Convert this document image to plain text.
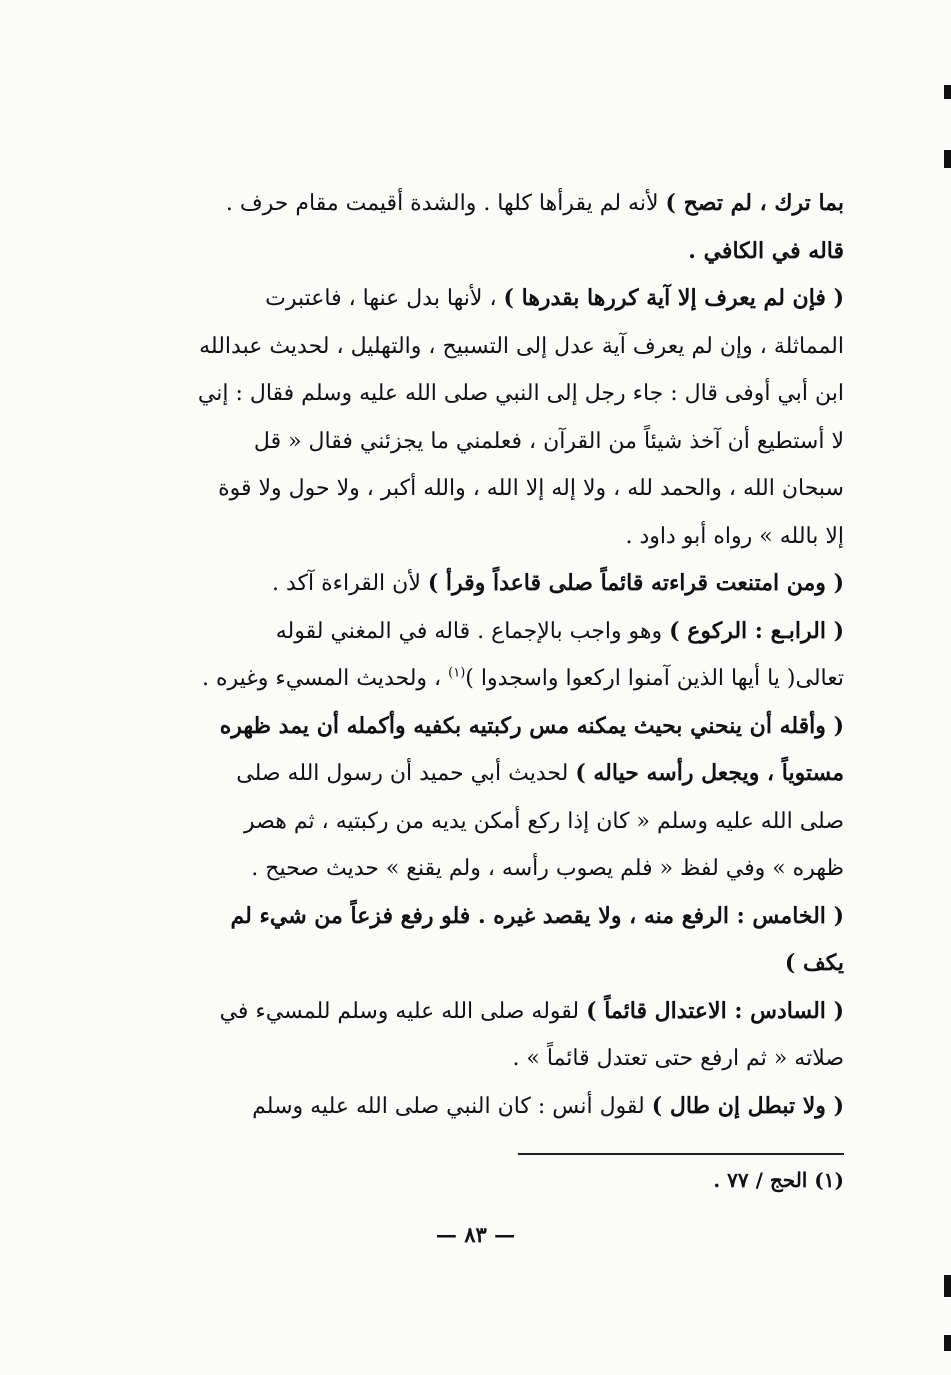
بما ترك ، لم تصح ) لأنه لم يقرأها كلها . والشدة أقيمت مقام حرف .
قاله في الكافي .
( فإن لم يعرف إلا آية كررها بقدرها ) ، لأنها بدل عنها ، فاعتبرت
المماثلة ، وإن لم يعرف آية عدل إلى التسبيح ، والتهليل ، لحديث عبدالله
ابن أبي أوفى قال : جاء رجل إلى النبي صلى الله عليه وسلم فقال : إني
لا أستطيع أن آخذ شيئاً من القرآن ، فعلمني ما يجزئني فقال « قل
سبحان الله ، والحمد لله ، ولا إله إلا الله ، والله أكبر ، ولا حول ولا قوة
إلا بالله » رواه أبو داود .
( ومن امتنعت قراءته قائماً صلى قاعداً وقرأ ) لأن القراءة آكد .
( الرابـع : الركوع ) وهو واجب بالإجماع . قاله في المغني لقوله
تعالى( يا أيها الذين آمنوا اركعوا واسجدوا )$^{(١)}$ ، ولحديث المسيء وغيره .
( وأقله أن ينحني بحيث يمكنه مس ركبتيه بكفيه وأكمله أن يمد ظهره
مستوياً ، ويجعل رأسه حياله ) لحديث أبي حميد أن رسول الله صلى
صلى الله عليه وسلم « كان إذا ركع أمكن يديه من ركبتيه ، ثم هصر
ظهره » وفي لفظ « فلم يصوب رأسه ، ولم يقنع » حديث صحيح .
( الخامس : الرفع منه ، ولا يقصد غيره . فلو رفع فزعاً من شيء لم
يكف )
( السادس : الاعتدال قائماً ) لقوله صلى الله عليه وسلم للمسيء في
صلاته « ثم ارفع حتى تعتدل قائماً » .
( ولا تبطل إن طال ) لقول أنس : كان النبي صلى الله عليه وسلم
(١) الحج / ٧٧ .
— ٨٣ —
